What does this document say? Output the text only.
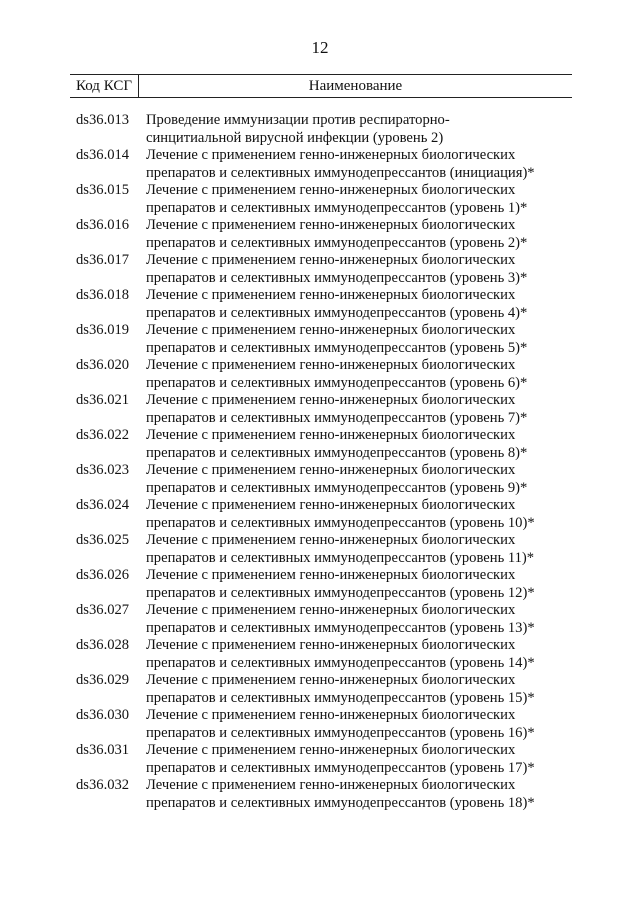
12
Код КСГ	Наименование
ds36.013	Проведение иммунизации против респираторно-
синцитиальной вирусной инфекции (уровень 2)
ds36.014	Лечение с применением генно-инженерных биологических
препаратов и селективных иммунодепрессантов (инициация)*
ds36.015	Лечение с применением генно-инженерных биологических
препаратов и селективных иммунодепрессантов (уровень 1)*
ds36.016	Лечение с применением генно-инженерных биологических
препаратов и селективных иммунодепрессантов (уровень 2)*
ds36.017	Лечение с применением генно-инженерных биологических
препаратов и селективных иммунодепрессантов (уровень 3)*
ds36.018	Лечение с применением генно-инженерных биологических
препаратов и селективных иммунодепрессантов (уровень 4)*
ds36.019	Лечение с применением генно-инженерных биологических
препаратов и селективных иммунодепрессантов (уровень 5)*
ds36.020	Лечение с применением генно-инженерных биологических
препаратов и селективных иммунодепрессантов (уровень 6)*
ds36.021	Лечение с применением генно-инженерных биологических
препаратов и селективных иммунодепрессантов (уровень 7)*
ds36.022	Лечение с применением генно-инженерных биологических
препаратов и селективных иммунодепрессантов (уровень 8)*
ds36.023	Лечение с применением генно-инженерных биологических
препаратов и селективных иммунодепрессантов (уровень 9)*
ds36.024	Лечение с применением генно-инженерных биологических
препаратов и селективных иммунодепрессантов (уровень 10)*
ds36.025	Лечение с применением генно-инженерных биологических
препаратов и селективных иммунодепрессантов (уровень 11)*
ds36.026	Лечение с применением генно-инженерных биологических
препаратов и селективных иммунодепрессантов (уровень 12)*
ds36.027	Лечение с применением генно-инженерных биологических
препаратов и селективных иммунодепрессантов (уровень 13)*
ds36.028	Лечение с применением генно-инженерных биологических
препаратов и селективных иммунодепрессантов (уровень 14)*
ds36.029	Лечение с применением генно-инженерных биологических
препаратов и селективных иммунодепрессантов (уровень 15)*
ds36.030	Лечение с применением генно-инженерных биологических
препаратов и селективных иммунодепрессантов (уровень 16)*
ds36.031	Лечение с применением генно-инженерных биологических
препаратов и селективных иммунодепрессантов (уровень 17)*
ds36.032	Лечение с применением генно-инженерных биологических
препаратов и селективных иммунодепрессантов (уровень 18)*
